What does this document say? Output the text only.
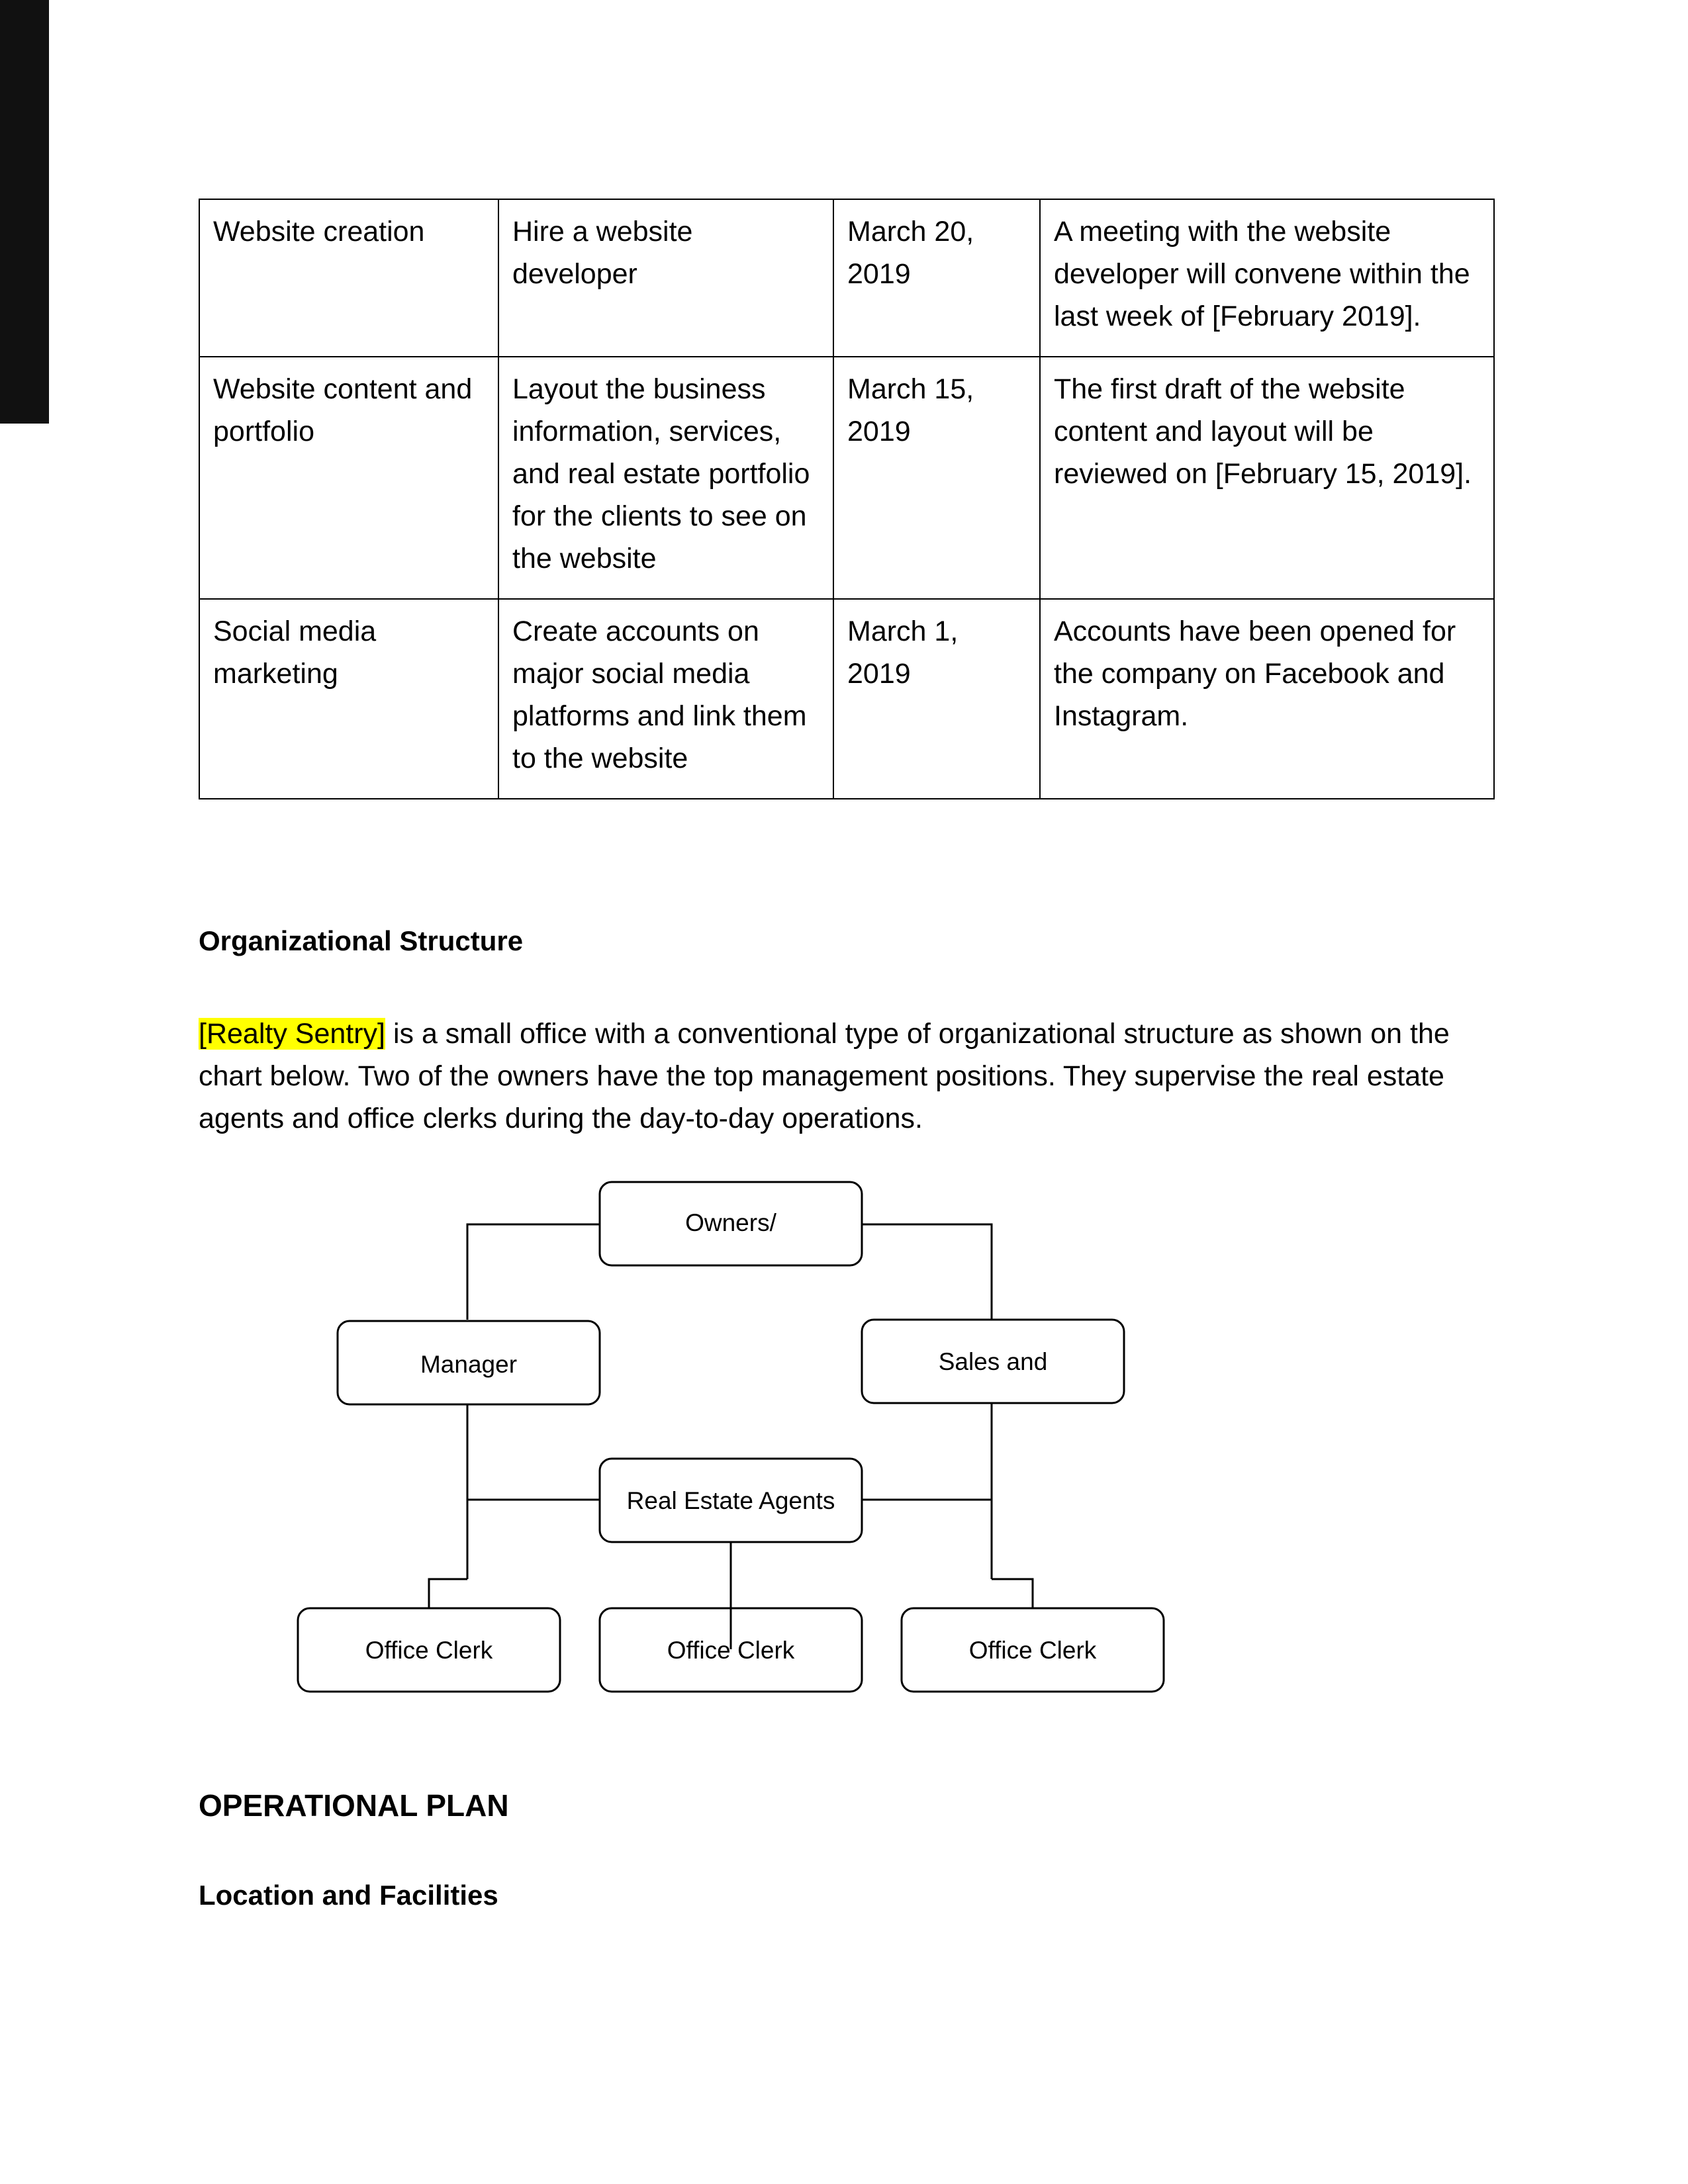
Website creation	Hire a website developer	March 20, 2019	A meeting with the website developer will convene within the last week of [February 2019].
Website content and portfolio	Layout the business information, services, and real estate portfolio for the clients to see on the website	March 15, 2019	The first draft of the website content and layout will be reviewed on [February 15, 2019].
Social media marketing	Create accounts on major social media platforms and link them to the website	March 1, 2019	Accounts have been opened for the company on Facebook and Instagram.
Organizational Structure
[Realty Sentry] is a small office with a conventional type of organizational structure as shown on the chart below. Two of the owners have the top management positions. They supervise the real estate agents and office clerks during the day-to-day operations.
Owners/
Manager	Sales and
Real Estate Agents
Office Clerk	Office Clerk	Office Clerk
OPERATIONAL PLAN
Location and Facilities
